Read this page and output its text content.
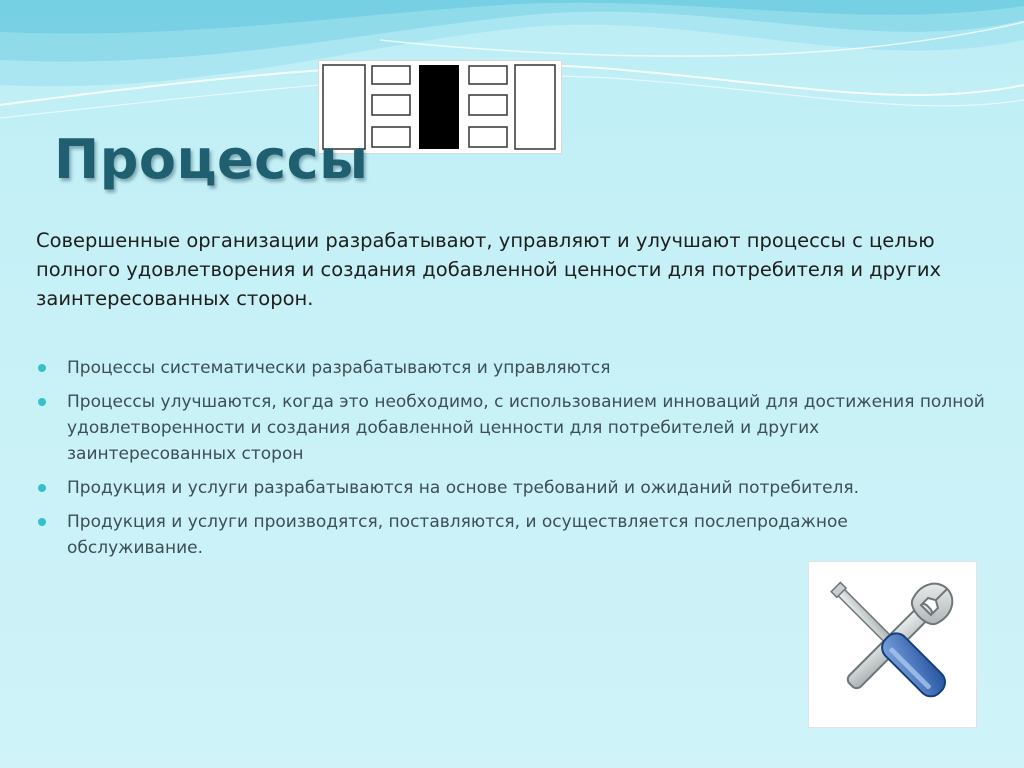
Процессы

Совершенные организации разрабатывают, управляют и улучшают процессы с целью полного удовлетворения и создания добавленной ценности для потребителя и других заинтересованных сторон.

Процессы систематически разрабатываются и управляются
Процессы улучшаются, когда это необходимо, с использованием инноваций для достижения полной удовлетворенности и создания добавленной ценности для потребителей и других заинтересованных сторон
Продукция и услуги разрабатываются на основе требований и ожиданий потребителя.
Продукция и услуги производятся, поставляются, и осуществляется послепродажное обслуживание.
